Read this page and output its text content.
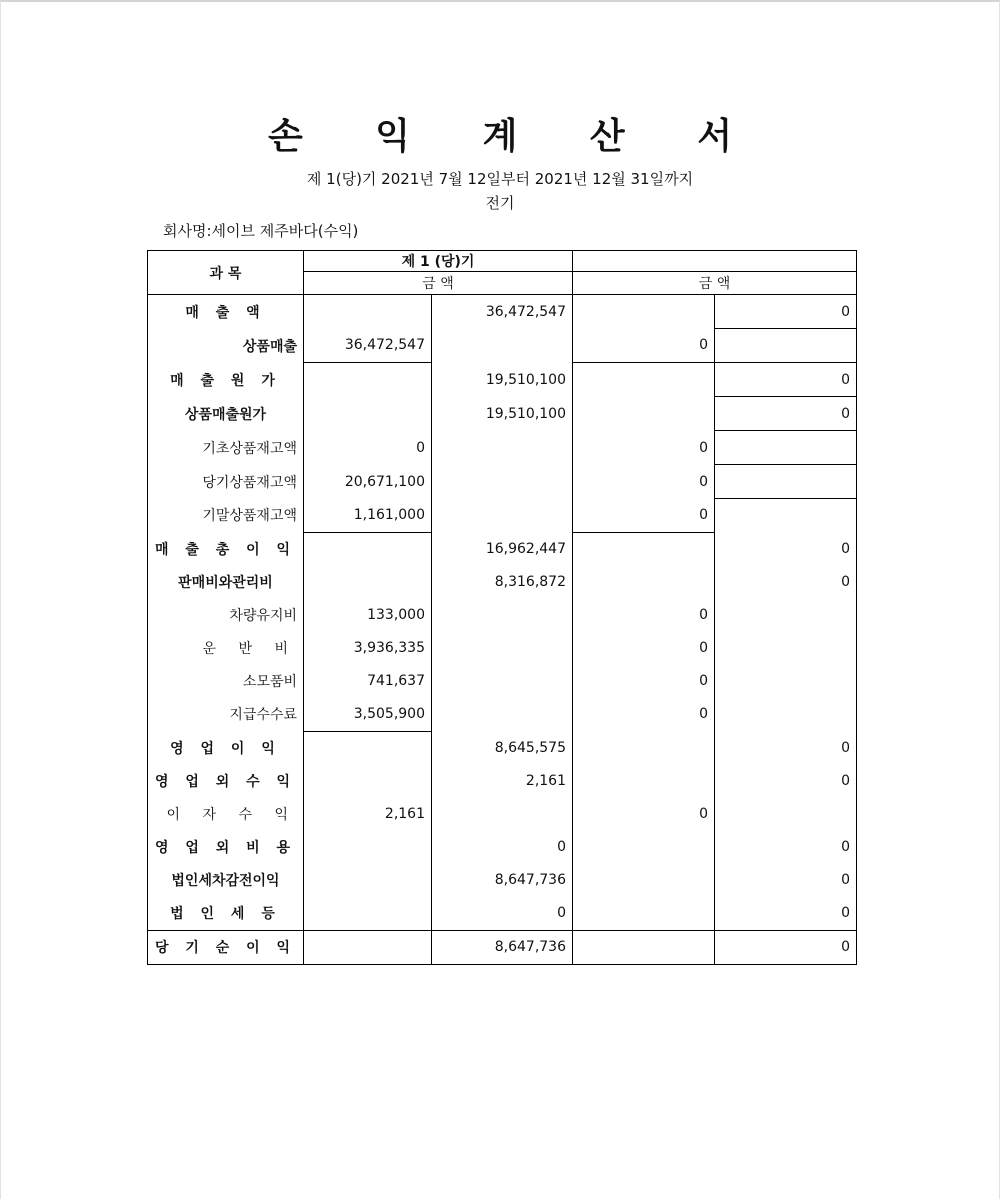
손 익 계 산 서
제 1(당)기 2021년 7월 12일부터 2021년 12월 31일까지
전기
회사명:세이브 제주바다(수익)
과 목	제 1 (당)기			
	금 액		금 액	
매 출 액		36,472,547		0
상품매출	36,472,547		0	
매 출 원 가		19,510,100		0
상품매출원가		19,510,100		0
기초상품재고액	0		0	
당기상품재고액	20,671,100		0	
기말상품재고액	1,161,000		0	
매 출 총 이 익		16,962,447		0
판매비와관리비		8,316,872		0
차량유지비	133,000		0	
운 반 비	3,936,335		0	
소모품비	741,637		0	
지급수수료	3,505,900		0	
영 업 이 익		8,645,575		0
영 업 외 수 익		2,161		0
이 자 수 익	2,161		0	
영 업 외 비 용		0		0
법인세차감전이익		8,647,736		0
법 인 세 등		0		0
당 기 순 이 익		8,647,736		0
